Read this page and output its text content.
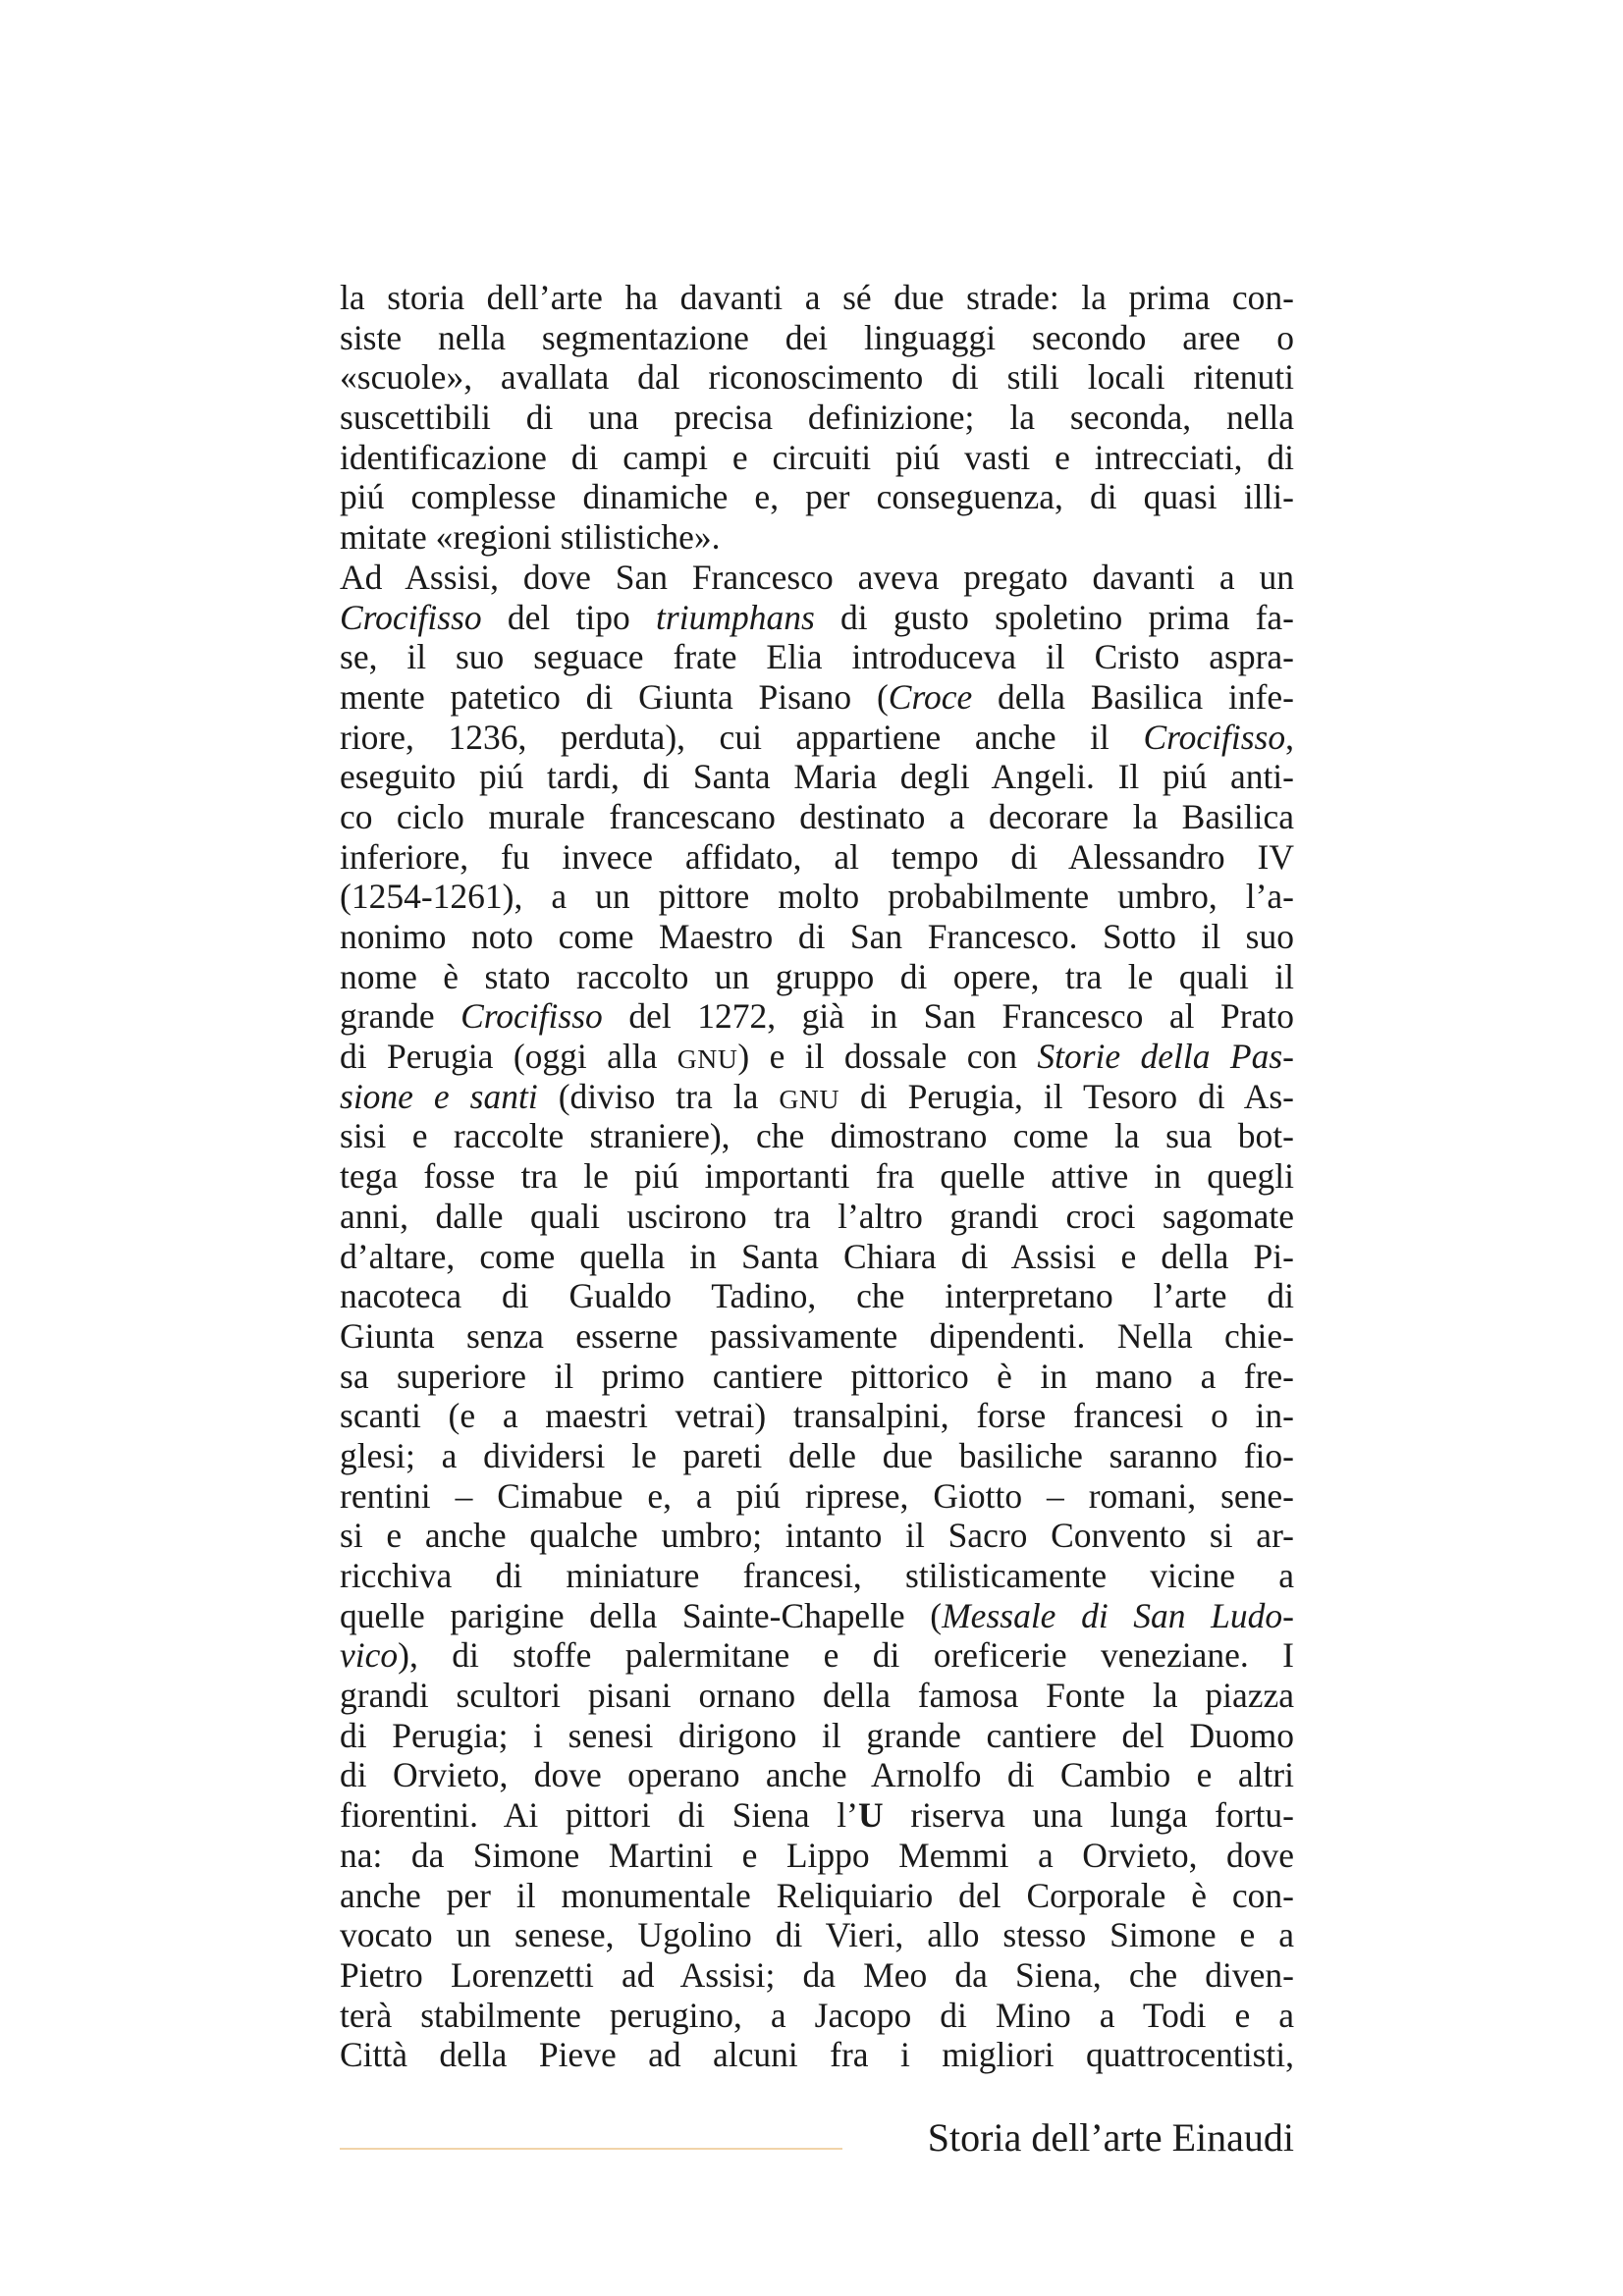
la storia dell’arte ha davanti a sé due strade: la prima con-
siste nella segmentazione dei linguaggi secondo aree o
«scuole», avallata dal riconoscimento di stili locali ritenuti
suscettibili di una precisa definizione; la seconda, nella
identificazione di campi e circuiti piú vasti e intrecciati, di
piú complesse dinamiche e, per conseguenza, di quasi illi-
mitate «regioni stilistiche».

Ad Assisi, dove San Francesco aveva pregato davanti a un
Crocifisso del tipo triumphans di gusto spoletino prima fa-
se, il suo seguace frate Elia introduceva il Cristo aspra-
mente patetico di Giunta Pisano (Croce della Basilica infe-
riore, 1236, perduta), cui appartiene anche il Crocifisso,
eseguito piú tardi, di Santa Maria degli Angeli. Il piú anti-
co ciclo murale francescano destinato a decorare la Basilica
inferiore, fu invece affidato, al tempo di Alessandro IV
(1254-1261), a un pittore molto probabilmente umbro, l’a-
nonimo noto come Maestro di San Francesco. Sotto il suo
nome è stato raccolto un gruppo di opere, tra le quali il
grande Crocifisso del 1272, già in San Francesco al Prato
di Perugia (oggi alla GNU) e il dossale con Storie della Pas-
sione e santi (diviso tra la GNU di Perugia, il Tesoro di As-
sisi e raccolte straniere), che dimostrano come la sua bot-
tega fosse tra le piú importanti fra quelle attive in quegli
anni, dalle quali uscirono tra l’altro grandi croci sagomate
d’altare, come quella in Santa Chiara di Assisi e della Pi-
nacoteca di Gualdo Tadino, che interpretano l’arte di
Giunta senza esserne passivamente dipendenti. Nella chie-
sa superiore il primo cantiere pittorico è in mano a fre-
scanti (e a maestri vetrai) transalpini, forse francesi o in-
glesi; a dividersi le pareti delle due basiliche saranno fio-
rentini – Cimabue e, a piú riprese, Giotto – romani, sene-
si e anche qualche umbro; intanto il Sacro Convento si ar-
ricchiva di miniature francesi, stilisticamente vicine a
quelle parigine della Sainte-Chapelle (Messale di San Ludo-
vico), di stoffe palermitane e di oreficerie veneziane. I
grandi scultori pisani ornano della famosa Fonte la piazza
di Perugia; i senesi dirigono il grande cantiere del Duomo
di Orvieto, dove operano anche Arnolfo di Cambio e altri
fiorentini. Ai pittori di Siena l’U riserva una lunga fortu-
na: da Simone Martini e Lippo Memmi a Orvieto, dove
anche per il monumentale Reliquiario del Corporale è con-
vocato un senese, Ugolino di Vieri, allo stesso Simone e a
Pietro Lorenzetti ad Assisi; da Meo da Siena, che diven-
terà stabilmente perugino, a Jacopo di Mino a Todi e a
Città della Pieve ad alcuni fra i migliori quattrocentisti,

Storia dell’arte Einaudi
